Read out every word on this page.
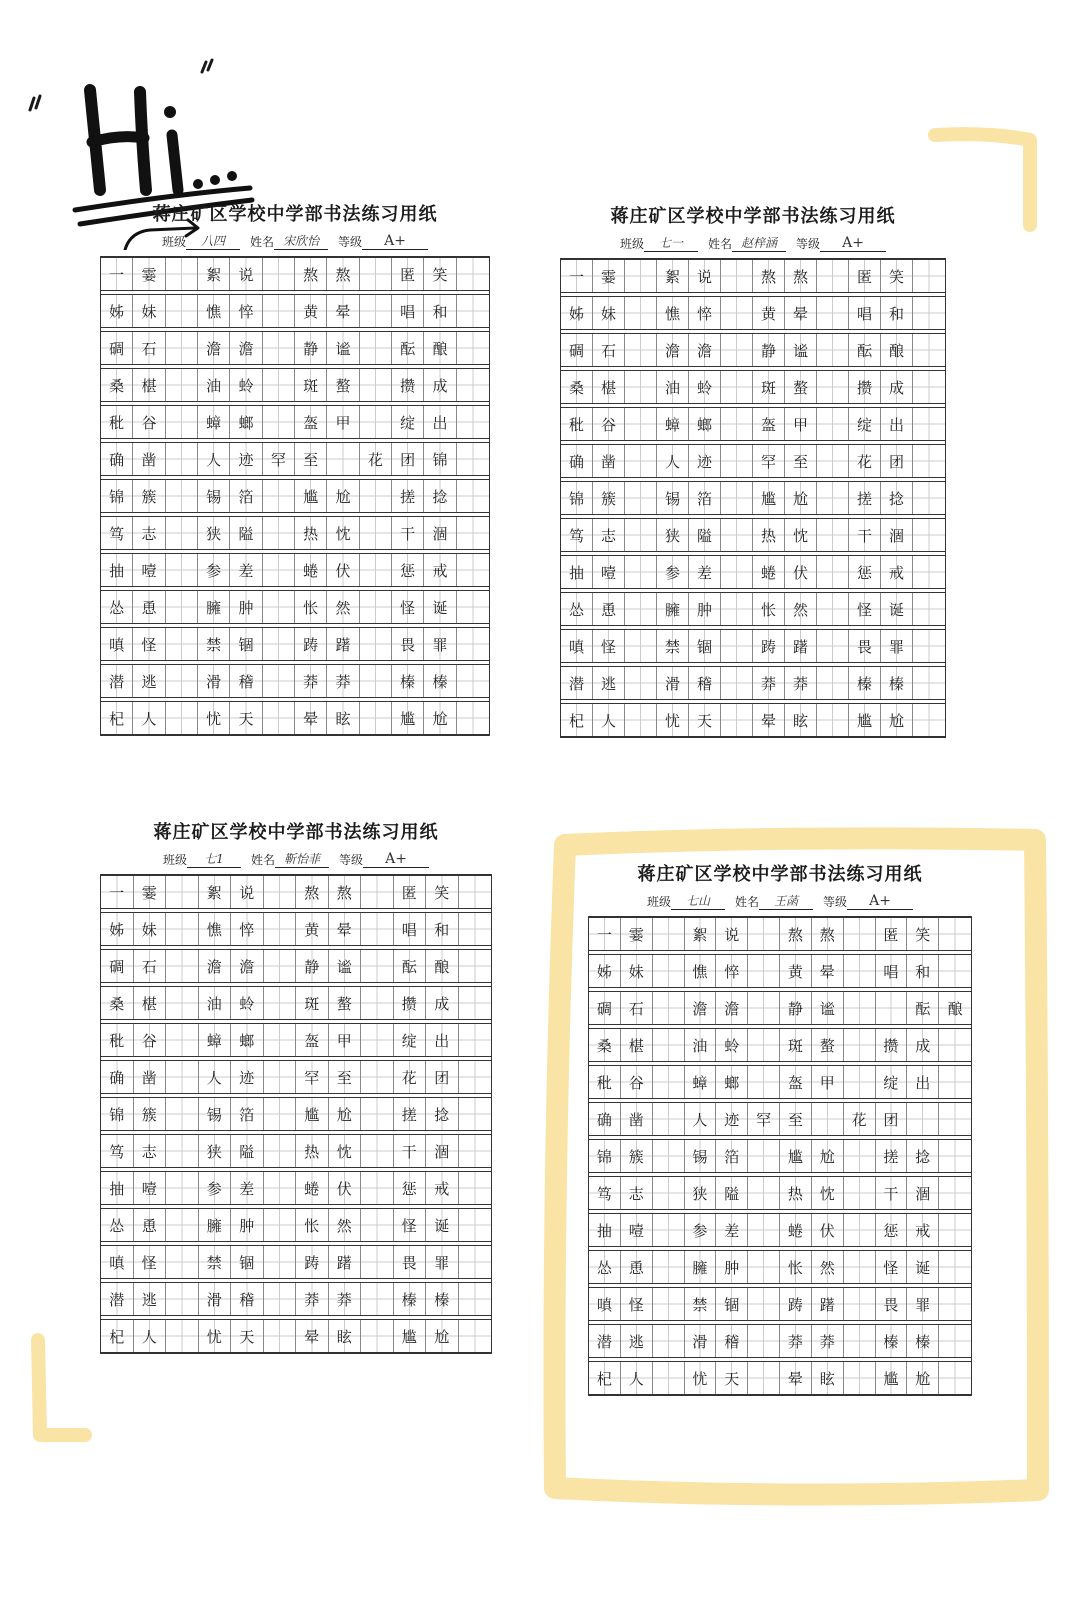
蒋庄矿区学校中学部书法练习用纸
班级	八四	姓名 宋欣怡	等级	A+
一	霎	絮	说	熬	熬	匿	笑
姊	妹	憔	悴	黄	晕	唱	和
碉	石	澹	澹	静	谧	酝	酿
桑	椹	油	蛉	斑	螯	攒	成
秕	谷	蟑	螂	盔	甲	绽	出
确	凿	人	迹	罕	至	花	团	锦
锦	簇	锡	箔	尴	尬	搓	捻
笃	志	狭	隘	热	忱	干	涸
抽	噎	参	差	蜷	伏	惩	戒
怂	恿	臃	肿	怅	然	怪	诞
嗔	怪	禁	锢	踌	躇	畏	罪
潜	逃	滑	稽	莽	莽	榛	榛
杞	人	忧	天	晕	眩	尴	尬
蒋庄矿区学校中学部书法练习用纸
班级	七一	姓名 赵梓涵	等级	A+
一	霎	絮	说	熬	熬	匿	笑
姊	妹	憔	悴	黄	晕	唱	和
碉	石	澹	澹	静	谧	酝	酿
桑	椹	油	蛉	斑	螯	攒	成
秕	谷	蟑	螂	盔	甲	绽	出
确	凿	人	迹	罕	至	花	团
锦	簇	锡	箔	尴	尬	搓	捻
笃	志	狭	隘	热	忱	干	涸
抽	噎	参	差	蜷	伏	惩	戒
怂	恿	臃	肿	怅	然	怪	诞
嗔	怪	禁	锢	踌	躇	畏	罪
潜	逃	滑	稽	莽	莽	榛	榛
杞	人	忧	天	晕	眩	尴	尬
蒋庄矿区学校中学部书法练习用纸
班级	七1	姓名 靳怡菲	等级	A+
一	霎	絮	说	熬	熬	匿	笑
姊	妹	憔	悴	黄	晕	唱	和
碉	石	澹	澹	静	谧	酝	酿
桑	椹	油	蛉	斑	螯	攒	成
秕	谷	蟑	螂	盔	甲	绽	出
确	凿	人	迹	罕	至	花	团
锦	簇	锡	箔	尴	尬	搓	捻
笃	志	狭	隘	热	忱	干	涸
抽	噎	参	差	蜷	伏	惩	戒
怂	恿	臃	肿	怅	然	怪	诞
嗔	怪	禁	锢	踌	躇	畏	罪
潜	逃	滑	稽	莽	莽	榛	榛
杞	人	忧	天	晕	眩	尴	尬
蒋庄矿区学校中学部书法练习用纸
班级	七山	姓名	王菡	等级	A+
一	霎	絮	说	熬	熬	匿	笑
姊	妹	憔	悴	黄	晕	唱	和
碉	石	澹	澹	静	谧	酝	酿
桑	椹	油	蛉	斑	螯	攒	成
秕	谷	蟑	螂	盔	甲	绽	出
确	凿	人	迹	罕	至	花	团
锦	簇	锡	箔	尴	尬	搓	捻
笃	志	狭	隘	热	忱	干	涸
抽	噎	参	差	蜷	伏	惩	戒
怂	恿	臃	肿	怅	然	怪	诞
嗔	怪	禁	锢	踌	躇	畏	罪
潜	逃	滑	稽	莽	莽	榛	榛
杞	人	忧	天	晕	眩	尴	尬
